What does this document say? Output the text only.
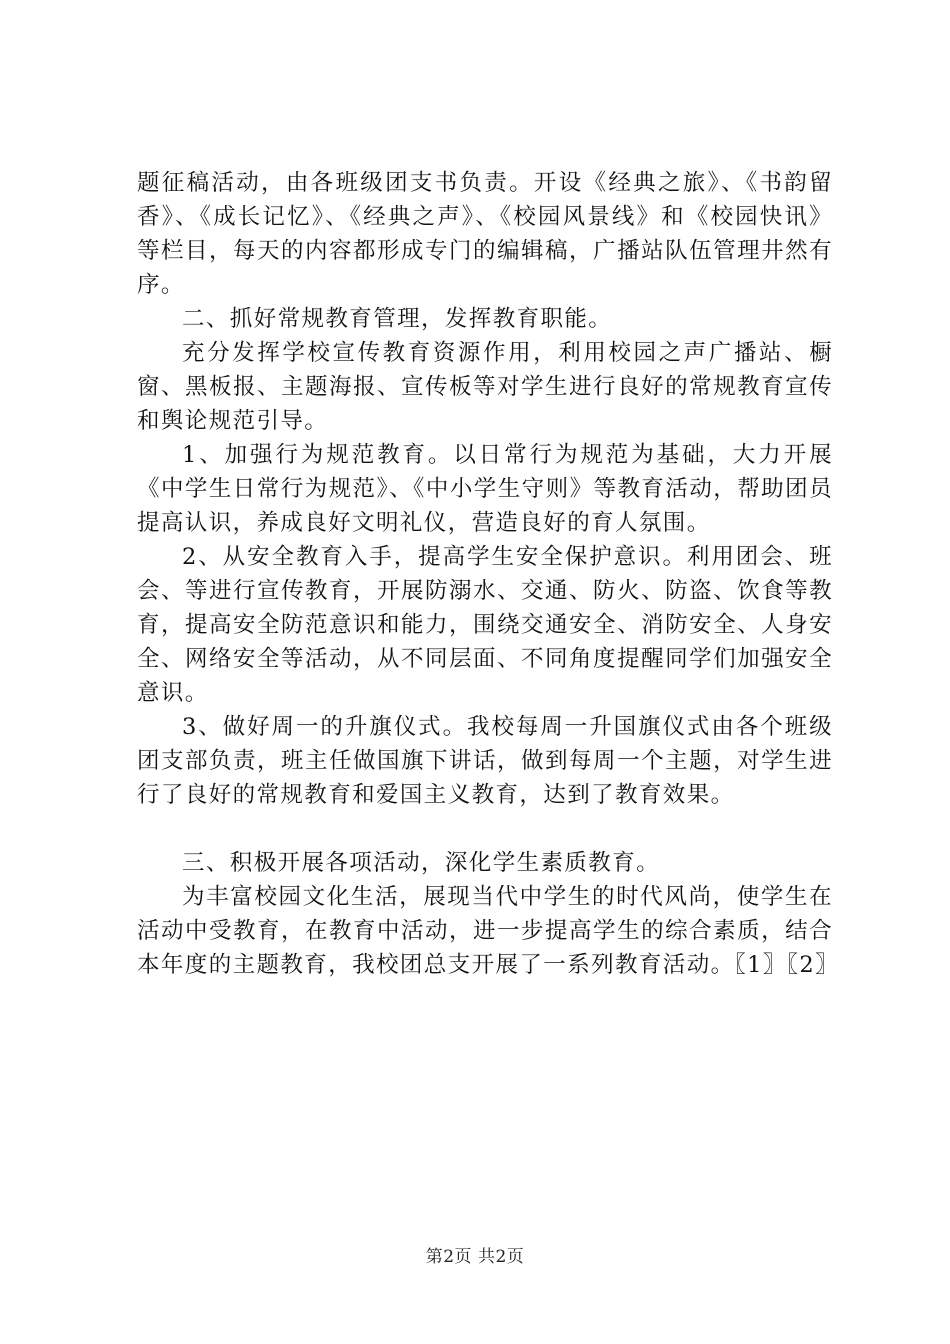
题征稿活动，由各班级团支书负责。开设《经典之旅》、《书韵留香》、《成长记忆》、《经典之声》、《校园风景线》和《校园快讯》等栏目，每天的内容都形成专门的编辑稿，广播站队伍管理井然有序。

二、抓好常规教育管理，发挥教育职能。

充分发挥学校宣传教育资源作用，利用校园之声广播站、橱窗、黑板报、主题海报、宣传板等对学生进行良好的常规教育宣传和舆论规范引导。

1、加强行为规范教育。以日常行为规范为基础，大力开展《中学生日常行为规范》、《中小学生守则》等教育活动，帮助团员提高认识，养成良好文明礼仪，营造良好的育人氛围。

2、从安全教育入手，提高学生安全保护意识。利用团会、班会、等进行宣传教育，开展防溺水、交通、防火、防盗、饮食等教育，提高安全防范意识和能力，围绕交通安全、消防安全、人身安全、网络安全等活动，从不同层面、不同角度提醒同学们加强安全意识。

3、做好周一的升旗仪式。我校每周一升国旗仪式由各个班级团支部负责，班主任做国旗下讲话，做到每周一个主题，对学生进行了良好的常规教育和爱国主义教育，达到了教育效果。

三、积极开展各项活动，深化学生素质教育。

为丰富校园文化生活，展现当代中学生的时代风尚，使学生在活动中受教育，在教育中活动，进一步提高学生的综合素质，结合本年度的主题教育，我校团总支开展了一系列教育活动。〖1〗〖2〗

第2页 共2页
